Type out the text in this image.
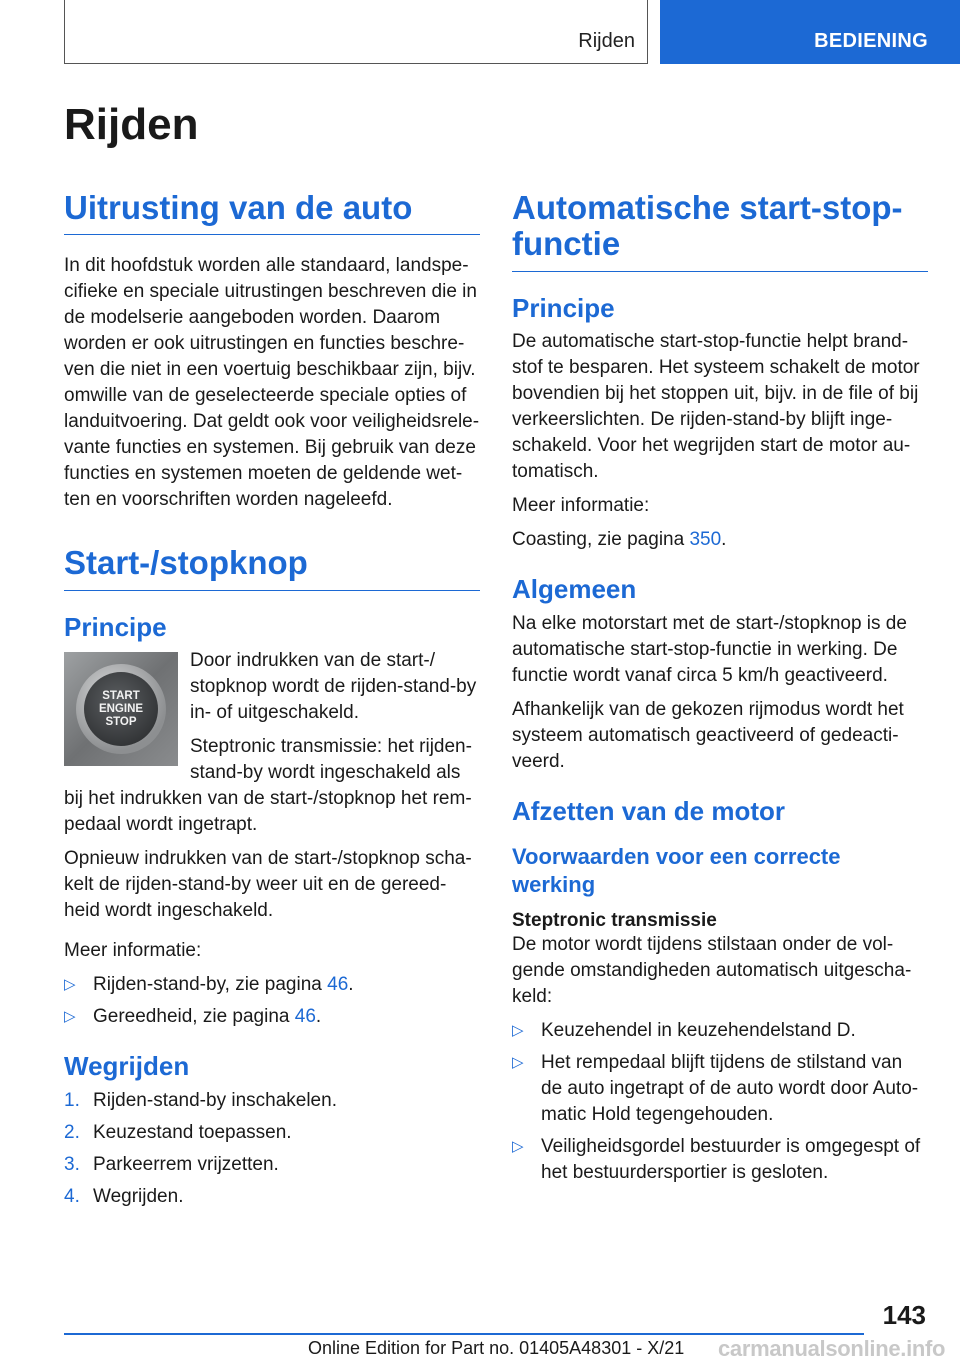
Rijden	BEDIENING
Rijden
Uitrusting van de auto

In dit hoofdstuk worden alle standaard, landspe-cifieke en speciale uitrustingen beschreven die in de modelserie aangeboden worden. Daarom worden er ook uitrustingen en functies beschre-ven die niet in een voertuig beschikbaar zijn, bijv. omwille van de geselecteerde speciale opties of landuitvoering. Dat geldt ook voor veiligheidsrele-vante functies en systemen. Bij gebruik van deze functies en systemen moeten de geldende wet-ten en voorschriften worden nageleefd.

Start-/stopknop
Principe
START
ENGINE
STOP

Door indrukken van de start-/ stopknop wordt de rijden-stand-by in- of uitgeschakeld.

Steptronic transmissie: het rijden-stand-by wordt ingeschakeld als bij het indrukken van de start-/stopknop het rem-pedaal wordt ingetrapt.

Opnieuw indrukken van de start-/stopknop scha-kelt de rijden-stand-by weer uit en de gereed-heid wordt ingeschakeld.

Meer informatie:

▷ Rijden-stand-by, zie pagina 46.
▷ Gereedheid, zie pagina 46.
Wegrijden
1. Rijden-stand-by inschakelen.
2. Keuzestand toepassen.
3. Parkeerrem vrijzetten.
4. Wegrijden.
Automatische start-stop-functie
Principe

De automatische start-stop-functie helpt brand-stof te besparen. Het systeem schakelt de motor bovendien bij het stoppen uit, bijv. in de file of bij verkeerslichten. De rijden-stand-by blijft inge-schakeld. Voor het wegrijden start de motor au-tomatisch.

Meer informatie:

Coasting, zie pagina 350.

Algemeen

Na elke motorstart met de start-/stopknop is de automatische start-stop-functie in werking. De functie wordt vanaf circa 5 km/h geactiveerd.

Afhankelijk van de gekozen rijmodus wordt het systeem automatisch geactiveerd of gedeacti-veerd.

Afzetten van de motor
Voorwaarden voor een correcte werking
Steptronic transmissie

De motor wordt tijdens stilstaan onder de vol-gende omstandigheden automatisch uitgescha-keld:

▷ Keuzehendel in keuzehendelstand D.
▷ Het rempedaal blijft tijdens de stilstand van de auto ingetrapt of de auto wordt door Auto-matic Hold tegengehouden.
▷ Veiligheidsgordel bestuurder is omgegespt of het bestuurdersportier is gesloten.
143
Online Edition for Part no. 01405A48301 - X/21 carmanualsonline.info
